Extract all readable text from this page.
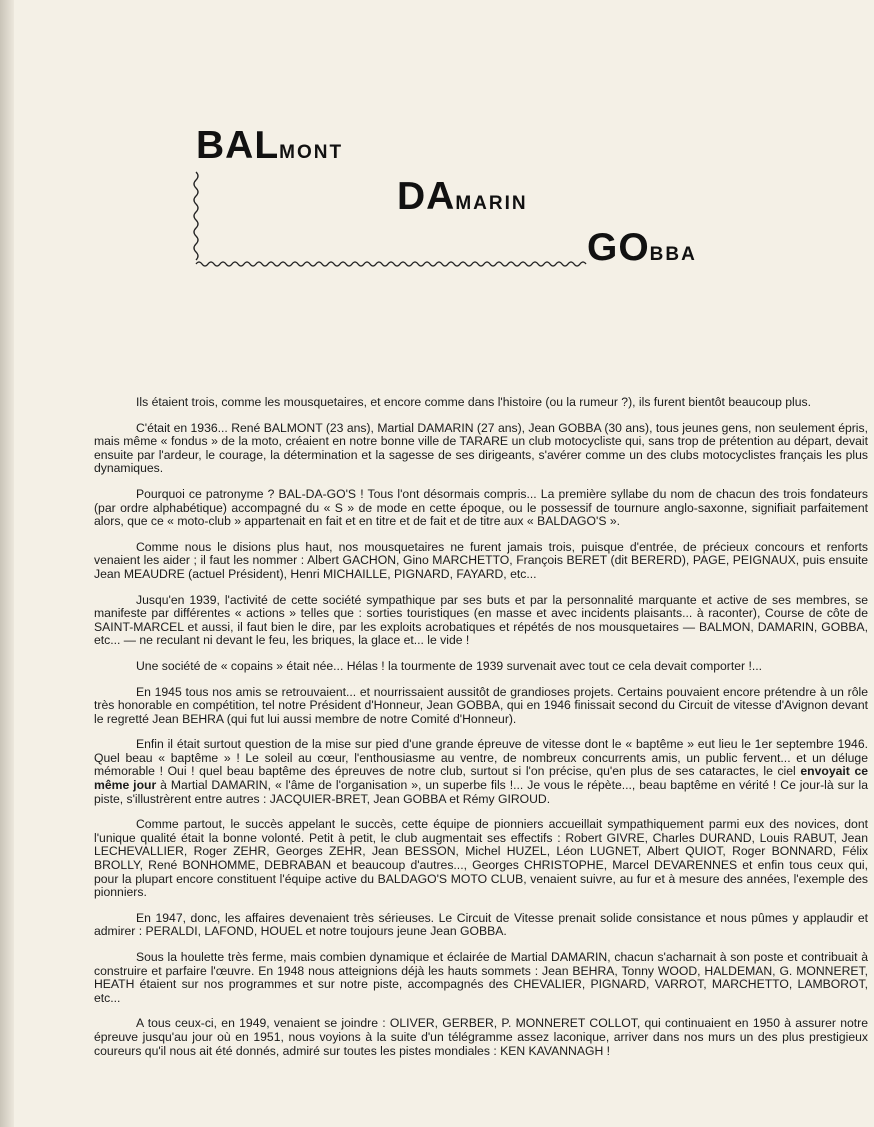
BALMONT
DAMARIN
GOBBA

Ils étaient trois, comme les mousquetaires, et encore comme dans l'histoire (ou la rumeur ?), ils furent bientôt beaucoup plus.

C'était en 1936... René BALMONT (23 ans), Martial DAMARIN (27 ans), Jean GOBBA (30 ans), tous jeunes gens, non seulement épris, mais même « fondus » de la moto, créaient en notre bonne ville de TARARE un club motocycliste qui, sans trop de prétention au départ, devait ensuite par l'ardeur, le courage, la détermination et la sagesse de ses dirigeants, s'avérer comme un des clubs motocyclistes français les plus dynamiques.

Pourquoi ce patronyme ? BAL-DA-GO'S ! Tous l'ont désormais compris... La première syllabe du nom de chacun des trois fondateurs (par ordre alphabétique) accompagné du « S » de mode en cette époque, ou le possessif de tournure anglo-saxonne, signifiait parfaitement alors, que ce « moto-club » appartenait en fait et en titre et de fait et de titre aux « BALDAGO'S ».

Comme nous le disions plus haut, nos mousquetaires ne furent jamais trois, puisque d'entrée, de précieux concours et renforts venaient les aider ; il faut les nommer : Albert GACHON, Gino MARCHETTO, François BERET (dit BERERD), PAGE, PEIGNAUX, puis ensuite Jean MEAUDRE (actuel Président), Henri MICHAILLE, PIGNARD, FAYARD, etc...

Jusqu'en 1939, l'activité de cette société sympathique par ses buts et par la personnalité marquante et active de ses membres, se manifeste par différentes « actions » telles que : sorties touristiques (en masse et avec incidents plaisants... à raconter), Course de côte de SAINT-MARCEL et aussi, il faut bien le dire, par les exploits acrobatiques et répétés de nos mousquetaires — BALMON, DAMARIN, GOBBA, etc... — ne reculant ni devant le feu, les briques, la glace et... le vide !

Une société de « copains » était née... Hélas ! la tourmente de 1939 survenait avec tout ce cela devait comporter !...

En 1945 tous nos amis se retrouvaient... et nourrissaient aussitôt de grandioses projets. Certains pouvaient encore prétendre à un rôle très honorable en compétition, tel notre Président d'Honneur, Jean GOBBA, qui en 1946 finissait second du Circuit de vitesse d'Avignon devant le regretté Jean BEHRA (qui fut lui aussi membre de notre Comité d'Honneur).

Enfin il était surtout question de la mise sur pied d'une grande épreuve de vitesse dont le « baptême » eut lieu le 1er septembre 1946. Quel beau « baptême » ! Le soleil au cœur, l'enthousiasme au ventre, de nombreux concurrents amis, un public fervent... et un déluge mémorable ! Oui ! quel beau baptême des épreuves de notre club, surtout si l'on précise, qu'en plus de ses cataractes, le ciel envoyait ce même jour à Martial DAMARIN, « l'âme de l'organisation », un superbe fils !... Je vous le répète..., beau baptême en vérité ! Ce jour-là sur la piste, s'illustrèrent entre autres : JACQUIER-BRET, Jean GOBBA et Rémy GIROUD.

Comme partout, le succès appelant le succès, cette équipe de pionniers accueillait sympathiquement parmi eux des novices, dont l'unique qualité était la bonne volonté. Petit à petit, le club augmentait ses effectifs : Robert GIVRE, Charles DURAND, Louis RABUT, Jean LECHEVALLIER, Roger ZEHR, Georges ZEHR, Jean BESSON, Michel HUZEL, Léon LUGNET, Albert QUIOT, Roger BONNARD, Félix BROLLY, René BONHOMME, DEBRABAN et beaucoup d'autres..., Georges CHRISTOPHE, Marcel DEVARENNES et enfin tous ceux qui, pour la plupart encore constituent l'équipe active du BALDAGO'S MOTO CLUB, venaient suivre, au fur et à mesure des années, l'exemple des pionniers.

En 1947, donc, les affaires devenaient très sérieuses. Le Circuit de Vitesse prenait solide consistance et nous pûmes y applaudir et admirer : PERALDI, LAFOND, HOUEL et notre toujours jeune Jean GOBBA.

Sous la houlette très ferme, mais combien dynamique et éclairée de Martial DAMARIN, chacun s'acharnait à son poste et contribuait à construire et parfaire l'œuvre. En 1948 nous atteignions déjà les hauts sommets : Jean BEHRA, Tonny WOOD, HALDEMAN, G. MONNERET, HEATH étaient sur nos programmes et sur notre piste, accompagnés des CHEVALIER, PIGNARD, VARROT, MARCHETTO, LAMBOROT, etc...

A tous ceux-ci, en 1949, venaient se joindre : OLIVER, GERBER, P. MONNERET COLLOT, qui continuaient en 1950 à assurer notre épreuve jusqu'au jour où en 1951, nous voyions à la suite d'un télégramme assez laconique, arriver dans nos murs un des plus prestigieux coureurs qu'il nous ait été donnés, admiré sur toutes les pistes mondiales : KEN KAVANNAGH !
